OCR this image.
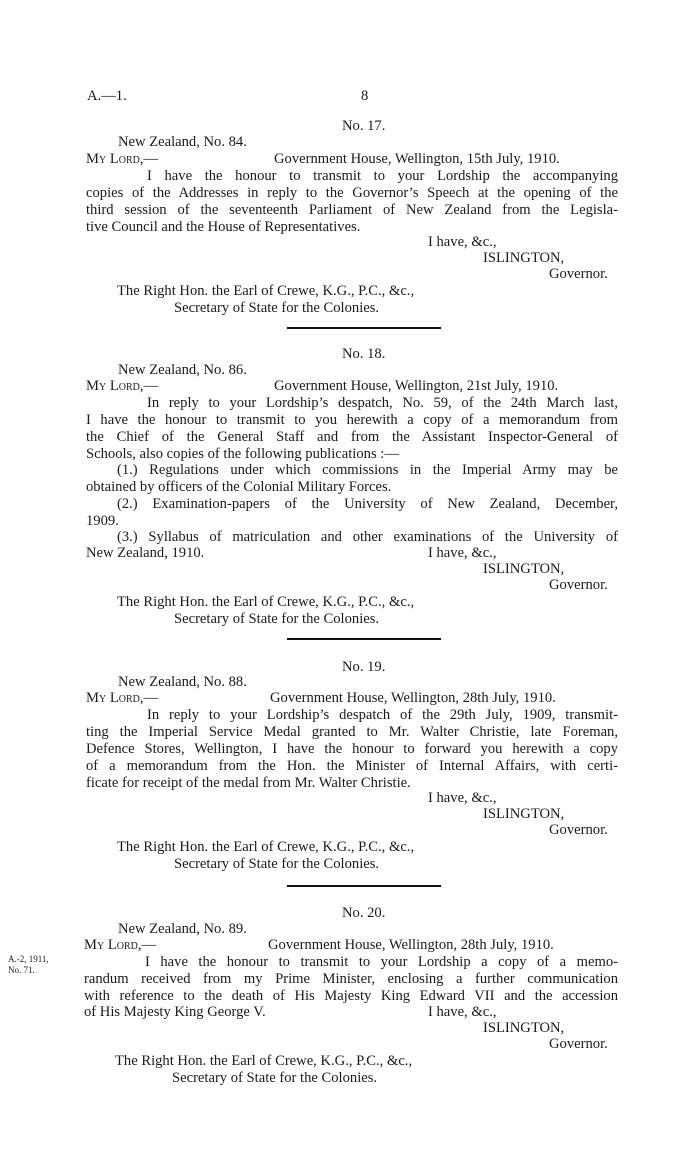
A.—1.	8
No. 17.
New Zealand, No. 84.
My Lord,—	Government House, Wellington, 15th July, 1910.
I have the honour to transmit to your Lordship the accompanying
copies of the Addresses in reply to the Governor’s Speech at the opening of the
third session of the seventeenth Parliament of New Zealand from the Legisla-
tive Council and the House of Representatives.
I have, &c.,
ISLINGTON,
Governor.
The Right Hon. the Earl of Crewe, K.G., P.C., &c.,
Secretary of State for the Colonies.
No. 18.
New Zealand, No. 86.
My Lord,—	Government House, Wellington, 21st July, 1910.
In reply to your Lordship’s despatch, No. 59, of the 24th March last,
I have the honour to transmit to you herewith a copy of a memorandum from
the Chief of the General Staff and from the Assistant Inspector-General of
Schools, also copies of the following publications :—
(1.) Regulations under which commissions in the Imperial Army may be
obtained by officers of the Colonial Military Forces.
(2.) Examination-papers of the University of New Zealand, December,
1909.
(3.) Syllabus of matriculation and other examinations of the University of
New Zealand, 1910.	I have, &c.,
ISLINGTON,
Governor.
The Right Hon. the Earl of Crewe, K.G., P.C., &c.,
Secretary of State for the Colonies.
No. 19.
New Zealand, No. 88.
My Lord,—	Government House, Wellington, 28th July, 1910.
In reply to your Lordship’s despatch of the 29th July, 1909, transmit-
ting the Imperial Service Medal granted to Mr. Walter Christie, late Foreman,
Defence Stores, Wellington, I have the honour to forward you herewith a copy
of a memorandum from the Hon. the Minister of Internal Affairs, with certi-
ficate for receipt of the medal from Mr. Walter Christie.
I have, &c.,
ISLINGTON,
Governor.
The Right Hon. the Earl of Crewe, K.G., P.C., &c.,
Secretary of State for the Colonies.
No. 20.
New Zealand, No. 89.
My Lord,—	Government House, Wellington, 28th July, 1910.
A.-2, 1911,
No. 71.	I have the honour to transmit to your Lordship a copy of a memo-
randum received from my Prime Minister, enclosing a further communication
with reference to the death of His Majesty King Edward VII and the accession
of His Majesty King George V.	I have, &c.,
ISLINGTON,
Governor.
The Right Hon. the Earl of Crewe, K.G., P.C., &c.,
Secretary of State for the Colonies.
